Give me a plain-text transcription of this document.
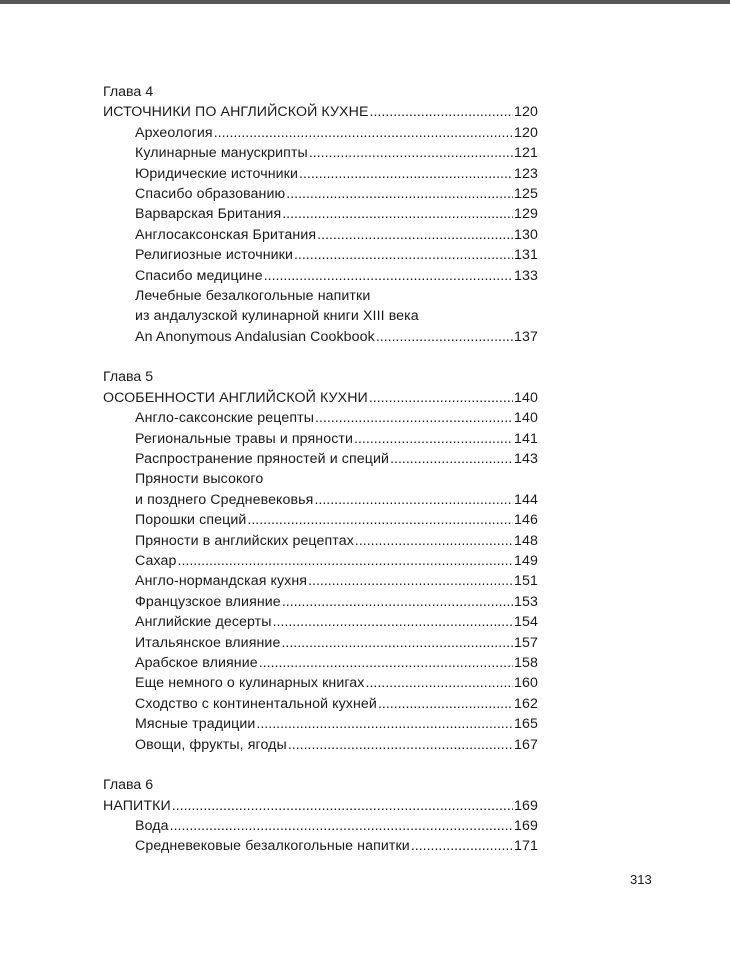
Глава 4
ИСТОЧНИКИ ПО АНГЛИЙСКОЙ КУХНЕ .....	120
Археология .....	120
Кулинарные манускрипты .....	121
Юридические источники .....	123
Спасибо образованию .....	125
Варварская Британия .....	129
Англосаксонская Британия .....	130
Религиозные источники .....	131
Спасибо медицине .....	133
Лечебные безалкогольные напитки
из андалузской кулинарной книги XIII века
An Anonymous Andalusian Cookbook .....	137
Глава 5
ОСОБЕННОСТИ АНГЛИЙСКОЙ КУХНИ .....	140
Англо-саксонские рецепты .....	140
Региональные травы и пряности .....	141
Распространение пряностей и специй .....	143
Пряности высокого
и позднего Средневековья .....	144
Порошки специй .....	146
Пряности в английских рецептах .....	148
Сахар .....	149
Англо-нормандская кухня .....	151
Французское влияние .....	153
Английские десерты .....	154
Итальянское влияние .....	157
Арабское влияние .....	158
Еще немного о кулинарных книгах .....	160
Сходство с континентальной кухней .....	162
Мясные традиции .....	165
Овощи, фрукты, ягоды .....	167
Глава 6
НАПИТКИ .....	169
Вода .....	169
Средневековые безалкогольные напитки .....	171
313
